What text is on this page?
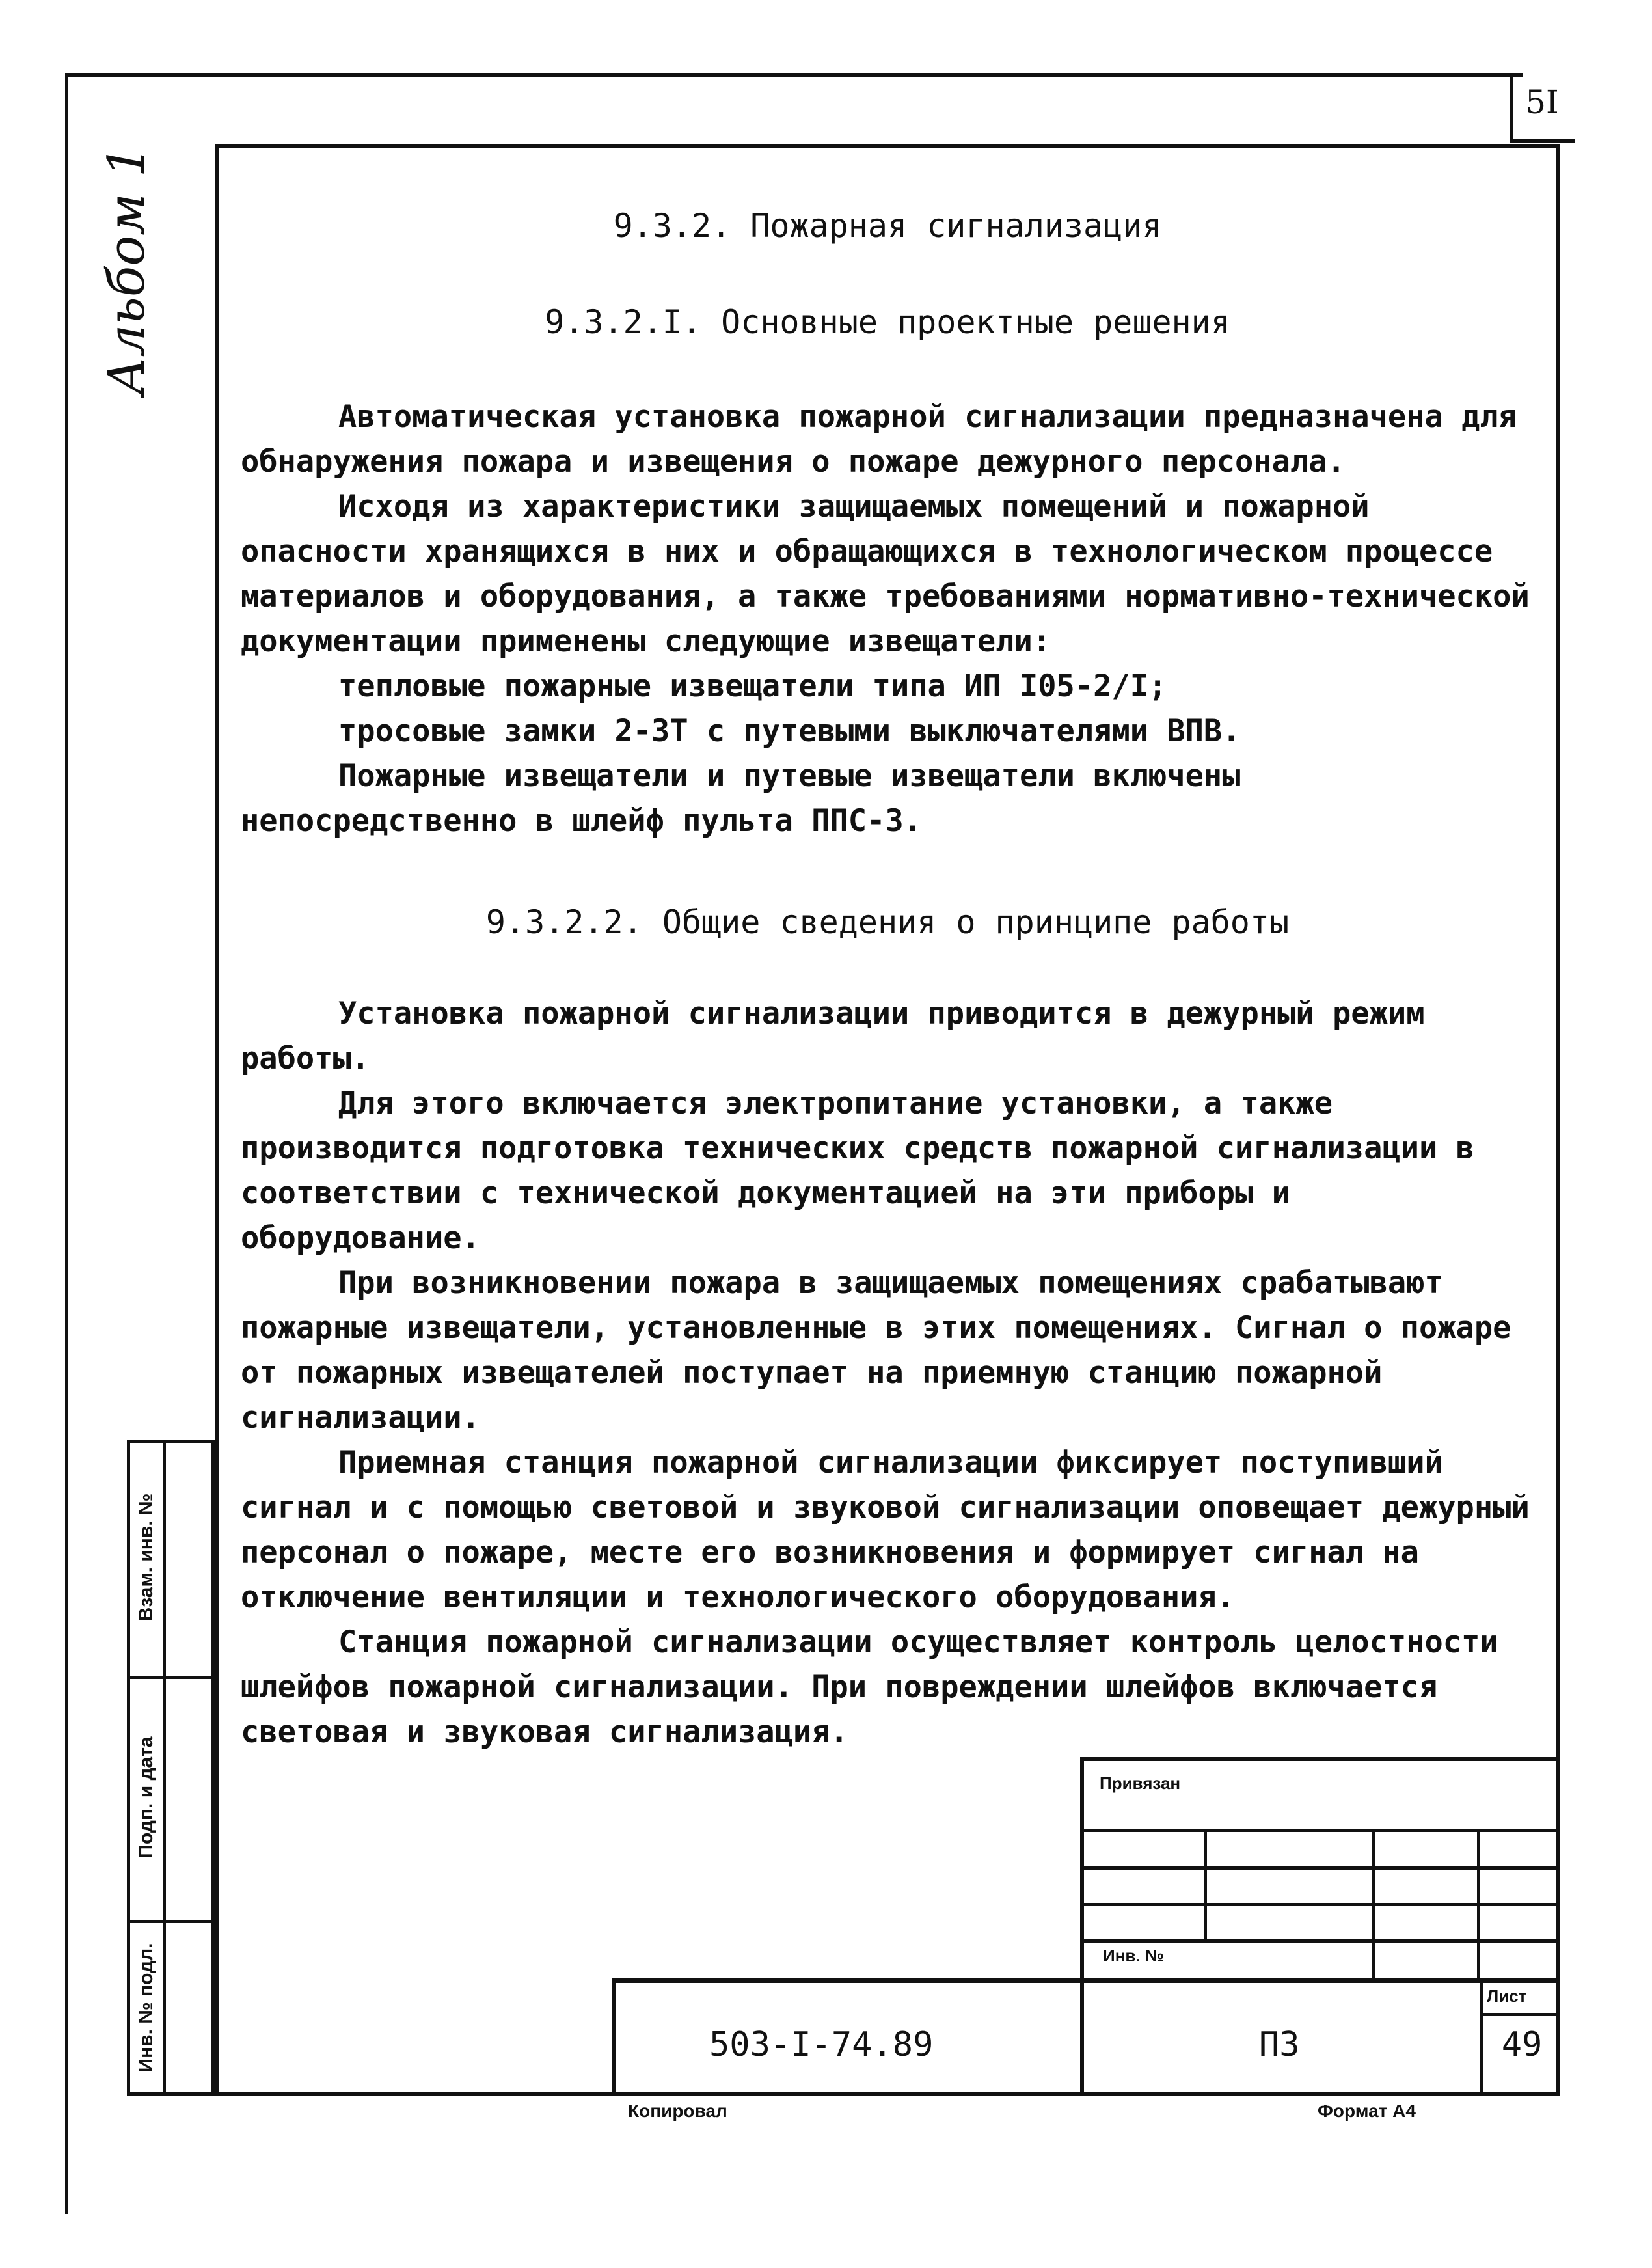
5I
Альбом 1	9.3.2. Пожарная сигнализация
9.3.2.I. Основные проектные решения

Автоматическая установка пожарной сигнализации предназначена для обнаружения пожара и извещения о пожаре дежурного персонала.

Исходя из характеристики защищаемых помещений и пожарной опасности хранящихся в них и обращающихся в технологическом процессе материалов и оборудования, а также требованиями нормативно-технической документации применены следующие извещатели:

тепловые пожарные извещатели типа ИП I05-2/I;

тросовые замки 2-ЗТ с путевыми выключателями ВПВ.

Пожарные извещатели и путевые извещатели включены непосредственно в шлейф пульта ППС-3.

9.3.2.2. Общие сведения о принципе работы

Установка пожарной сигнализации приводится в дежурный режим работы.

Для этого включается электропитание установки, а также производится подготовка технических средств пожарной сигнализации в соответствии с технической документацией на эти приборы и оборудование.

При возникновении пожара в защищаемых помещениях срабатывают пожарные извещатели, установленные в этих помещениях. Сигнал о пожаре от пожарных извещателей поступает на приемную станцию пожарной сигнализации.

Приемная станция пожарной сигнализации фиксирует поступивший сигнал и с помощью световой и звуковой сигнализации оповещает дежурный персонал о пожаре, месте его возникновения и формирует сигнал на отключение вентиляции и технологического оборудования.

Станция пожарной сигнализации осуществляет контроль целостности шлейфов пожарной сигнализации. При повреждении шлейфов включается световая и звуковая сигнализация.

Взам. инв. №
Подп. и дата
Инв. № подл.
Привязан
Инв. №
Лист
503-I-74.89	ПЗ	49
Копировал	Формат А4
